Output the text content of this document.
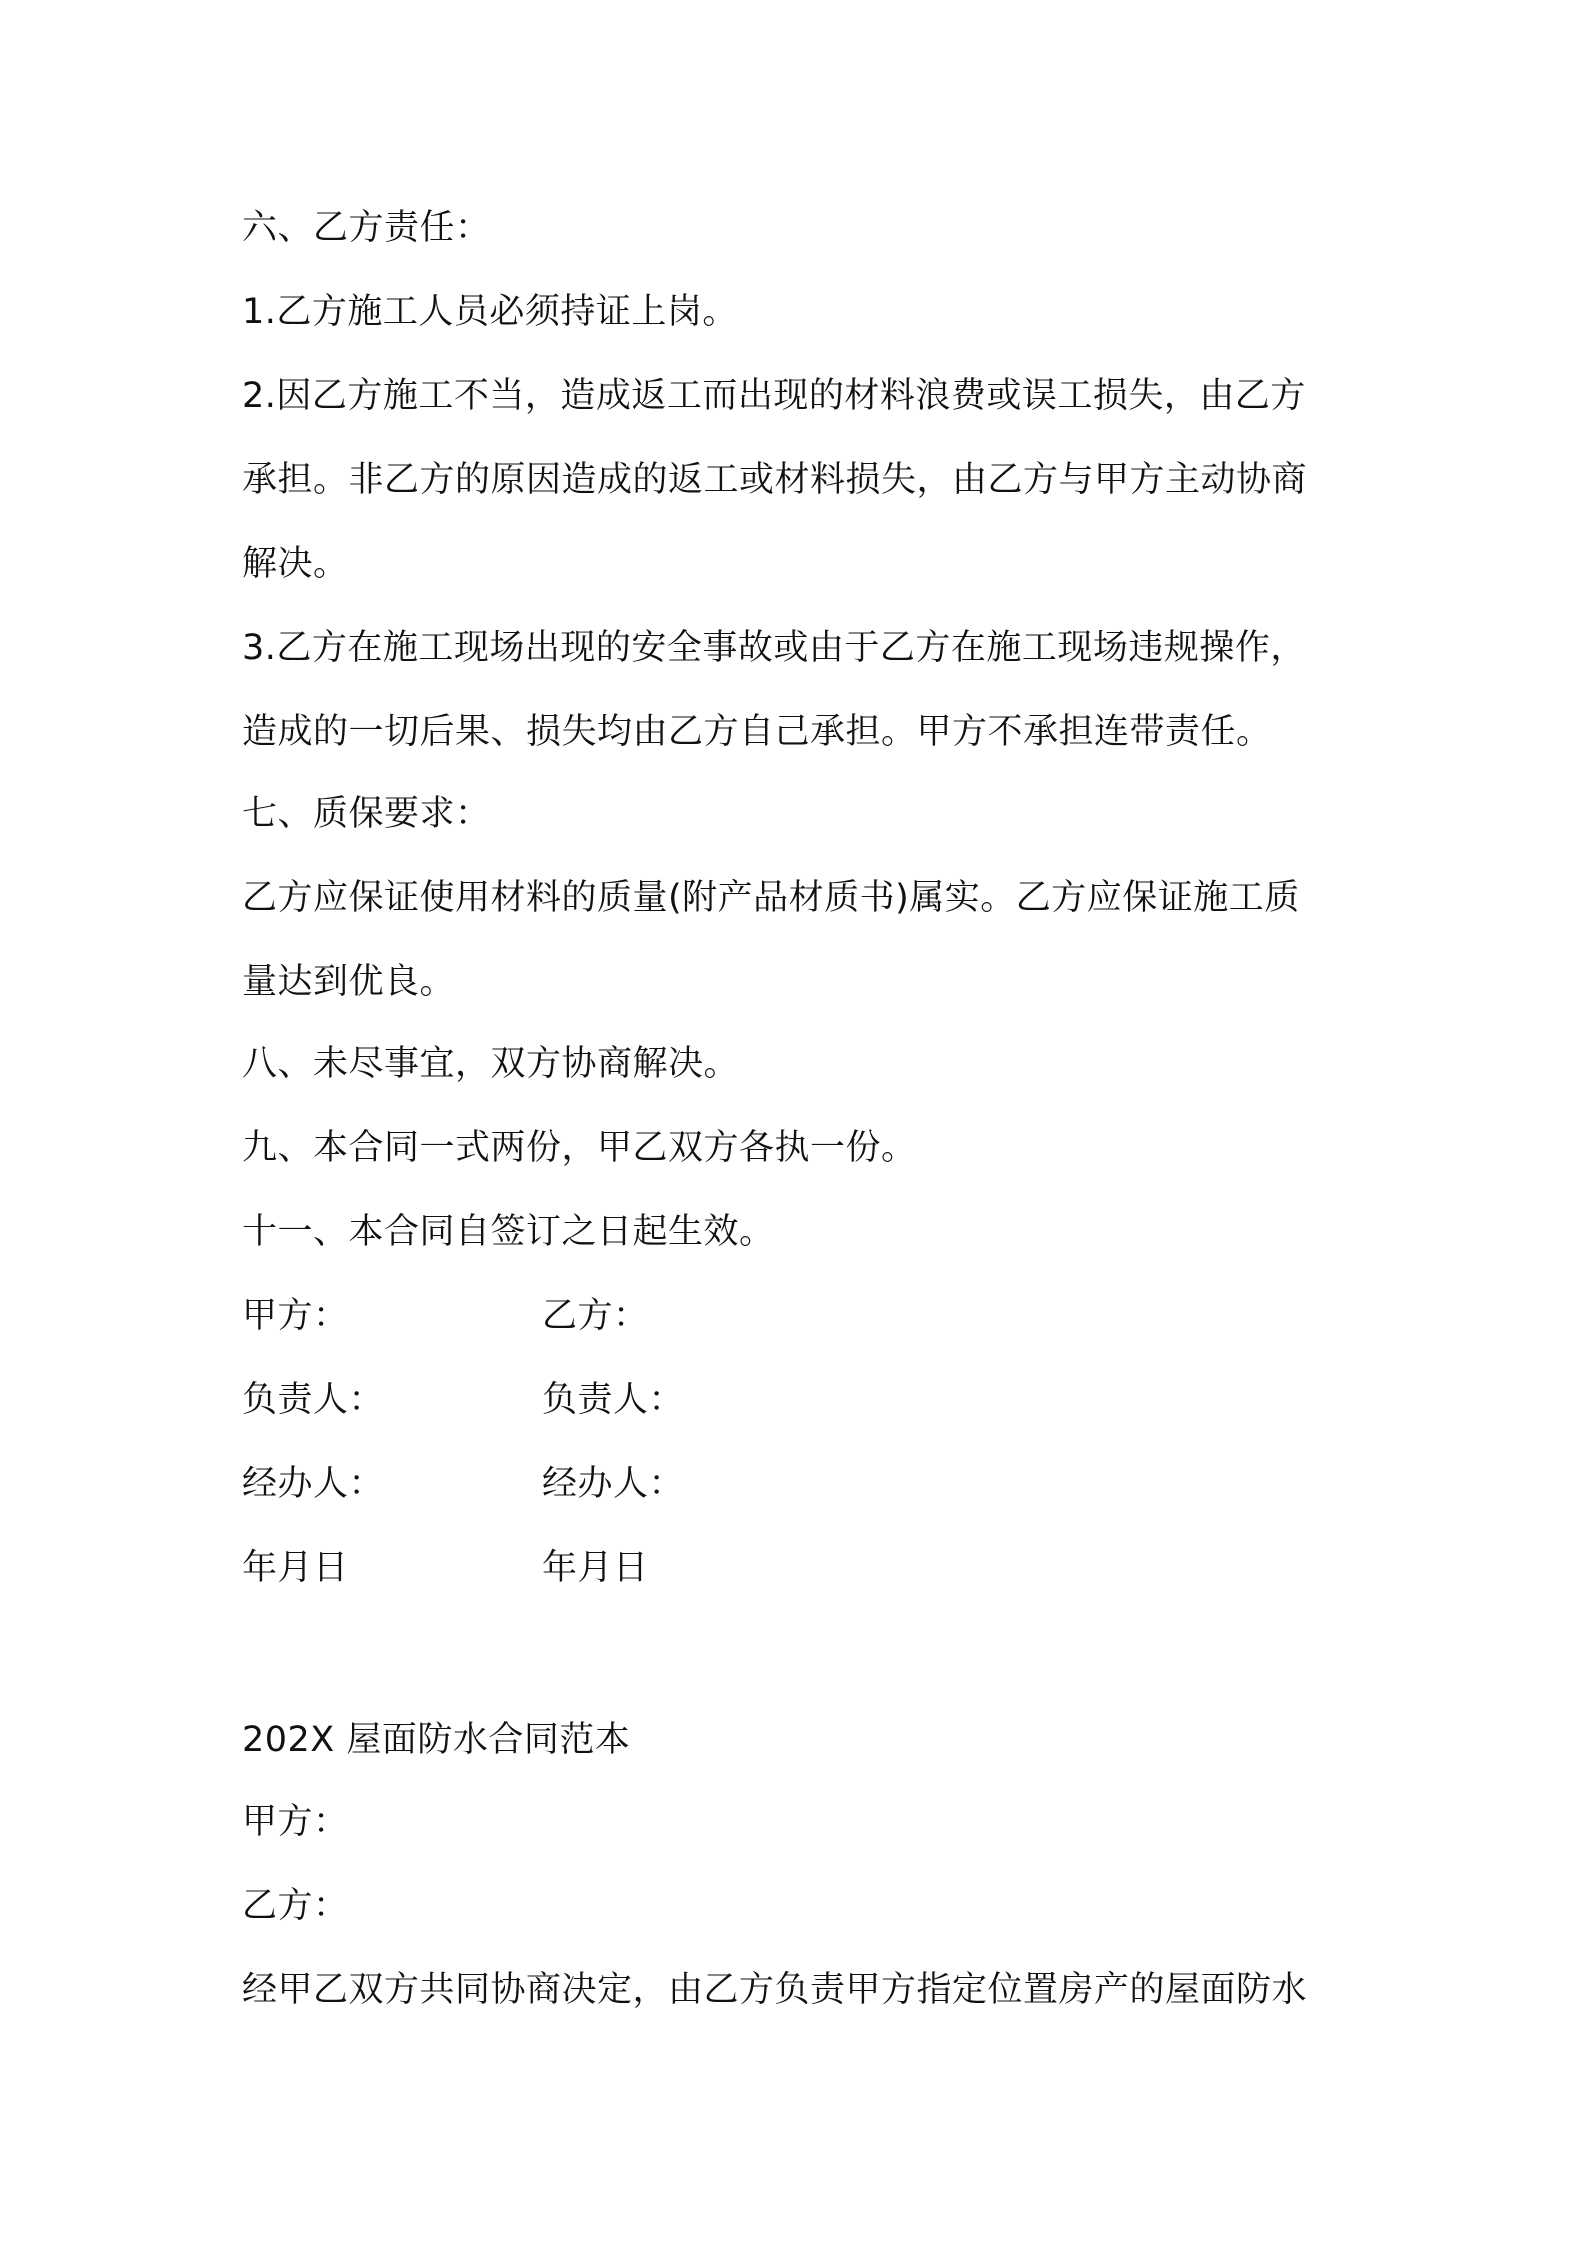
六、乙方责任：

1.乙方施工人员必须持证上岗。

2.因乙方施工不当，造成返工而出现的材料浪费或误工损失，由乙方

承担。非乙方的原因造成的返工或材料损失，由乙方与甲方主动协商

解决。

3.乙方在施工现场出现的安全事故或由于乙方在施工现场违规操作，

造成的一切后果、损失均由乙方自己承担。甲方不承担连带责任。

七、质保要求：

乙方应保证使用材料的质量(附产品材质书)属实。乙方应保证施工质

量达到优良。

八、未尽事宜，双方协商解决。

九、本合同一式两份，甲乙双方各执一份。

十一、本合同自签订之日起生效。

甲方：	乙方：

负责人：	负责人：

经办人：	经办人：

年月日	年月日

202X 屋面防水合同范本

甲方：

乙方：

经甲乙双方共同协商决定，由乙方负责甲方指定位置房产的屋面防水
